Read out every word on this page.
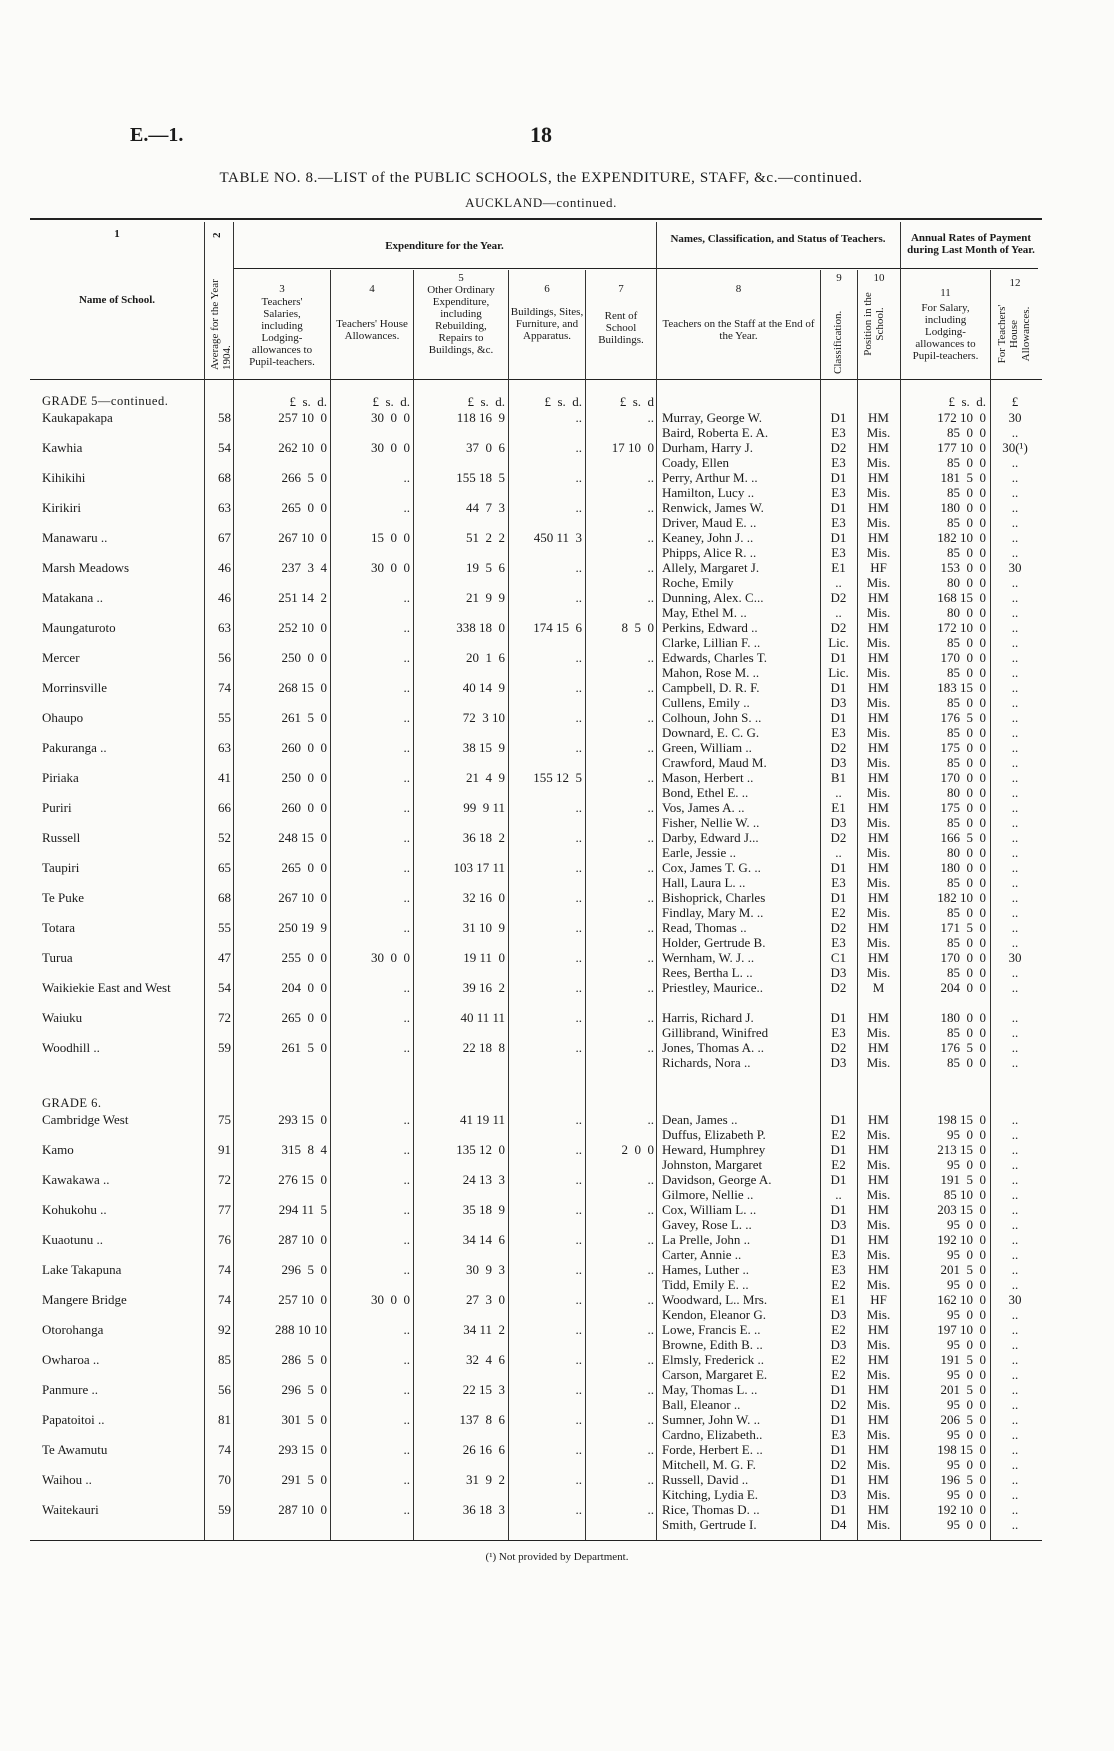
E.—1.	18
TABLE NO. 8.—LIST of the PUBLIC SCHOOLS, the EXPENDITURE, STAFF, &c.—continued.
AUCKLAND—continued.
1
Name of School.
2
Average for the Year 1904.
Expenditure for the Year.
3
Teachers' Salaries, including Lodging-allowances to Pupil-teachers.
4
Teachers' House Allowances.
5
Other Ordinary Expenditure, including Rebuilding, Repairs to Buildings, &c.
6
Buildings, Sites, Furniture, and Apparatus.
7
Rent of School Buildings.
Names, Classification, and Status of Teachers.
8
Teachers on the Staff at the End of the Year.
9
Classification.
10
Position in the School.
Annual Rates of Payment during Last Month of Year.
11
For Salary, including Lodging-allowances to Pupil-teachers.
12
For Teachers' House Allowances.
GRADE 5—continued.
GRADE 6.
£  s.  d.	£  s.  d.	£  s.  d.	£  s.  d.	£  s.  d	£  s.  d.	£
Kaukapakapa	58	257 10  0	30  0  0	118 16  9	..	.. Murray, George W.	D1	HM	172 10  0	30
Baird, Roberta E. A.	E3	Mis.	85  0  0	..
Kawhia	54	262 10  0	30  0  0	37  0  6	..	17 10  0 Durham, Harry J.	D2	HM	177 10  0	30(¹)
Coady, Ellen	E3	Mis.	85  0  0	..
Kihikihi	68	266  5  0	..	155 18  5	..	.. Perry, Arthur M. ..	D1	HM	181  5  0	..
Hamilton, Lucy ..	E3	Mis.	85  0  0	..
Kirikiri	63	265  0  0	..	44  7  3	..	.. Renwick, James W.	D1	HM	180  0  0	..
Driver, Maud E. ..	E3	Mis.	85  0  0	..
Manawaru ..	67	267 10  0	15  0  0	51  2  2	450 11  3	.. Keaney, John J. ..	D1	HM	182 10  0	..
Phipps, Alice R. ..	E3	Mis.	85  0  0	..
Marsh Meadows	46	237  3  4	30  0  0	19  5  6	..	.. Allely, Margaret J.	E1	HF	153  0  0	30
Roche, Emily	..	Mis.	80  0  0	..
Matakana ..	46	251 14  2	..	21  9  9	..	.. Dunning, Alex. C...	D2	HM	168 15  0	..
May, Ethel M. ..	..	Mis.	80  0  0	..
Maungaturoto	63	252 10  0	..	338 18  0	174 15  6	8  5  0 Perkins, Edward ..	D2	HM	172 10  0	..
Clarke, Lillian F. ..	Lic.	Mis.	85  0  0	..
Mercer	56	250  0  0	..	20  1  6	..	.. Edwards, Charles T.	D1	HM	170  0  0	..
Mahon, Rose M. ..	Lic.	Mis.	85  0  0	..
Morrinsville	74	268 15  0	..	40 14  9	..	.. Campbell, D. R. F.	D1	HM	183 15  0	..
Cullens, Emily ..	D3	Mis.	85  0  0	..
Ohaupo	55	261  5  0	..	72  3 10	..	.. Colhoun, John S. ..	D1	HM	176  5  0	..
Downard, E. C. G.	E3	Mis.	85  0  0	..
Pakuranga ..	63	260  0  0	..	38 15  9	..	.. Green, William ..	D2	HM	175  0  0	..
Crawford, Maud M.	D3	Mis.	85  0  0	..
Piriaka	41	250  0  0	..	21  4  9	155 12  5	.. Mason, Herbert ..	B1	HM	170  0  0	..
Bond, Ethel E. ..	..	Mis.	80  0  0	..
Puriri	66	260  0  0	..	99  9 11	..	.. Vos, James A. ..	E1	HM	175  0  0	..
Fisher, Nellie W. ..	D3	Mis.	85  0  0	..
Russell	52	248 15  0	..	36 18  2	..	.. Darby, Edward J...	D2	HM	166  5  0	..
Earle, Jessie ..	..	Mis.	80  0  0	..
Taupiri	65	265  0  0	..	103 17 11	..	.. Cox, James T. G. ..	D1	HM	180  0  0	..
Hall, Laura L. ..	E3	Mis.	85  0  0	..
Te Puke	68	267 10  0	..	32 16  0	..	.. Bishoprick, Charles	D1	HM	182 10  0	..
Findlay, Mary M. ..	E2	Mis.	85  0  0	..
Totara	55	250 19  9	..	31 10  9	..	.. Read, Thomas ..	D2	HM	171  5  0	..
Holder, Gertrude B.	E3	Mis.	85  0  0	..
Turua	47	255  0  0	30  0  0	19 11  0	..	.. Wernham, W. J. ..	C1	HM	170  0  0	30
Rees, Bertha L. ..	D3	Mis.	85  0  0	..
Waikiekie East and West	54	204  0  0	..	39 16  2	..	.. Priestley, Maurice..	D2	M	204  0  0	..
Waiuku	72	265  0  0	..	40 11 11	..	.. Harris, Richard J.	D1	HM	180  0  0	..
Gillibrand, Winifred	E3	Mis.	85  0  0	..
Woodhill ..	59	261  5  0	..	22 18  8	..	.. Jones, Thomas A. ..	D2	HM	176  5  0	..
Richards, Nora ..	D3	Mis.	85  0  0	..
Cambridge West	75	293 15  0	..	41 19 11	..	.. Dean, James ..	D1	HM	198 15  0	..
Duffus, Elizabeth P.	E2	Mis.	95  0  0	..
Kamo	91	315  8  4	..	135 12  0	..	2  0  0 Heward, Humphrey	D1	HM	213 15  0	..
Johnston, Margaret	E2	Mis.	95  0  0	..
Kawakawa ..	72	276 15  0	..	24 13  3	..	.. Davidson, George A.	D1	HM	191  5  0	..
Gilmore, Nellie ..	..	Mis.	85 10  0	..
Kohukohu ..	77	294 11  5	..	35 18  9	..	.. Cox, William L. ..	D1	HM	203 15  0	..
Gavey, Rose L. ..	D3	Mis.	95  0  0	..
Kuaotunu ..	76	287 10  0	..	34 14  6	..	.. La Prelle, John ..	D1	HM	192 10  0	..
Carter, Annie ..	E3	Mis.	95  0  0	..
Lake Takapuna	74	296  5  0	..	30  9  3	..	.. Hames, Luther ..	E3	HM	201  5  0	..
Tidd, Emily E. ..	E2	Mis.	95  0  0	..
Mangere Bridge	74	257 10  0	30  0  0	27  3  0	..	.. Woodward, L.. Mrs.	E1	HF	162 10  0	30
Kendon, Eleanor G.	D3	Mis.	95  0  0	..
Otorohanga	92	288 10 10	..	34 11  2	..	.. Lowe, Francis E. ..	E2	HM	197 10  0	..
Browne, Edith B. ..	D3	Mis.	95  0  0	..
Owharoa ..	85	286  5  0	..	32  4  6	..	.. Elmsly, Frederick ..	E2	HM	191  5  0	..
Carson, Margaret E.	E2	Mis.	95  0  0	..
Panmure ..	56	296  5  0	..	22 15  3	..	.. May, Thomas L. ..	D1	HM	201  5  0	..
Ball, Eleanor ..	D2	Mis.	95  0  0	..
Papatoitoi ..	81	301  5  0	..	137  8  6	..	.. Sumner, John W. ..	D1	HM	206  5  0	..
Cardno, Elizabeth..	E3	Mis.	95  0  0	..
Te Awamutu	74	293 15  0	..	26 16  6	..	.. Forde, Herbert E. ..	D1	HM	198 15  0	..
Mitchell, M. G. F.	D2	Mis.	95  0  0	..
Waihou ..	70	291  5  0	..	31  9  2	..	.. Russell, David ..	D1	HM	196  5  0	..
Kitching, Lydia E.	D3	Mis.	95  0  0	..
Waitekauri	59	287 10  0	..	36 18  3	..	.. Rice, Thomas D. ..	D1	HM	192 10  0	..
Smith, Gertrude I.	D4	Mis.	95  0  0	..
(¹) Not provided by Department.
